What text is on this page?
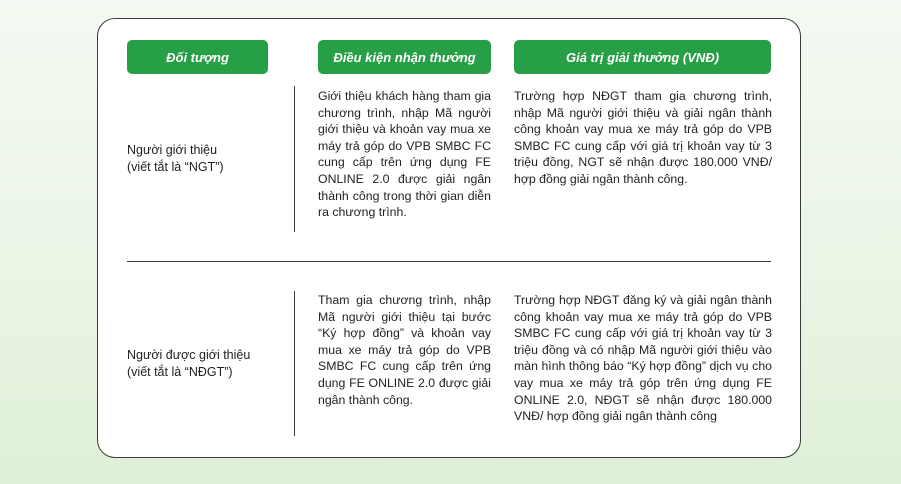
Đối tượng	Điều kiện nhận thưởng	Giá trị giải thưởng (VNĐ)
Người giới thiệu
(viết tắt là “NGT”)
Giới thiệu khách hàng tham gia chương trình, nhập Mã người giới thiệu và khoản vay mua xe máy trả góp do VPB SMBC FC cung cấp trên ứng dụng FE ONLINE 2.0 được giải ngân thành công trong thời gian diễn ra chương trình.
Trường hợp NĐGT tham gia chương trình, nhập Mã người giới thiệu và giải ngân thành công khoản vay mua xe máy trả góp do VPB SMBC FC cung cấp với giá trị khoản vay từ 3 triệu đồng, NGT sẽ nhận được 180.000 VNĐ/ hợp đồng giải ngân thành công.
Người được giới thiệu
(viết tắt là “NĐGT”)
Tham gia chương trình, nhập Mã người giới thiệu tại bước “Ký hợp đồng” và khoản vay mua xe máy trả góp do VPB SMBC FC cung cấp trên ứng dụng FE ONLINE 2.0 được giải ngân thành công.
Trường hợp NĐGT đăng ký và giải ngân thành công khoản vay mua xe máy trả góp do VPB SMBC FC cung cấp với giá trị khoản vay từ 3 triệu đồng và có nhập Mã người giới thiệu vào màn hình thông báo “Ký hợp đồng” dịch vụ cho vay mua xe máy trả góp trên ứng dụng FE ONLINE 2.0, NĐGT sẽ nhận được 180.000 VNĐ/ hợp đồng giải ngân thành công
